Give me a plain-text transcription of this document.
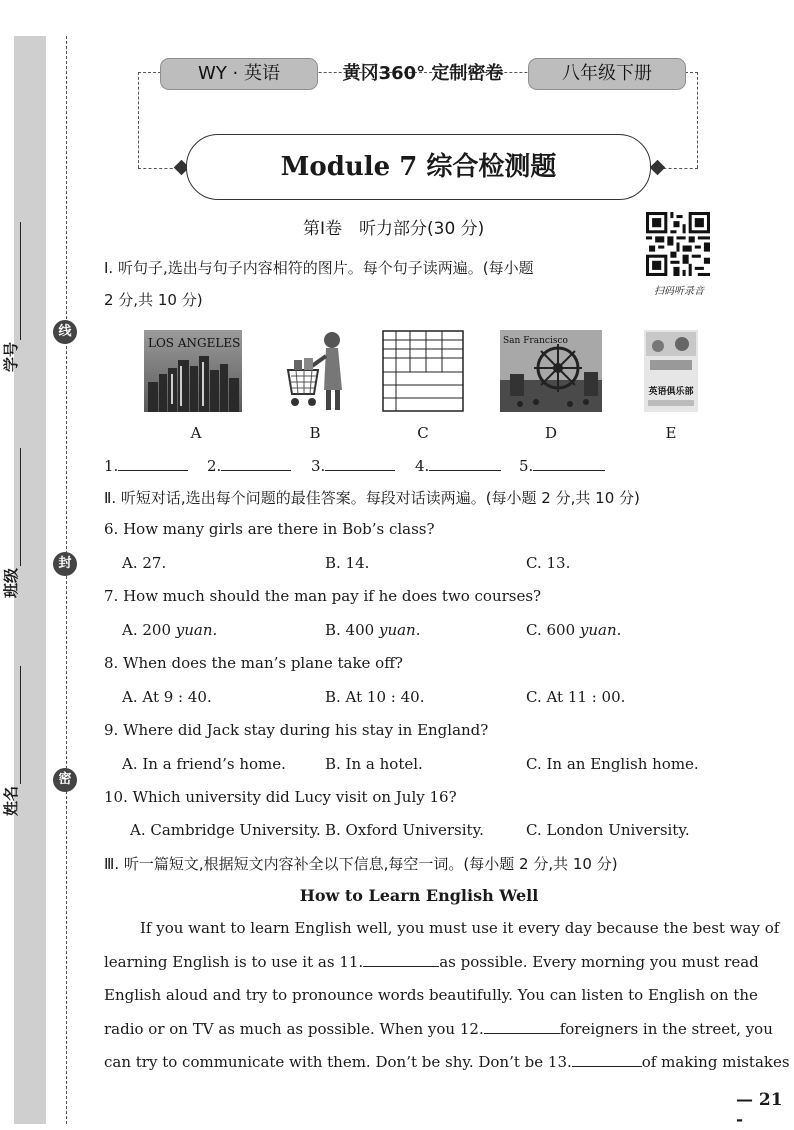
学号
班级
姓名
线
封
密
WY · 英语	黄冈360° 定制密卷	八年级下册
Module 7 综合检测题
第Ⅰ卷　听力部分(30 分)
扫码听录音
Ⅰ. 听句子,选出与句子内容相符的图片。每个句子读两遍。(每小题
2 分,共 10 分)
LOS ANGELES	San Francisco
英语俱乐部
A	B	C	D	E
1.	2.	3.	4.	5.
Ⅱ. 听短对话,选出每个问题的最佳答案。每段对话读两遍。(每小题 2 分,共 10 分)
6. How many girls are there in Bob’s class?
A. 27.	B. 14.	C. 13.
7. How much should the man pay if he does two courses?
A. 200 yuan.	B. 400 yuan.	C. 600 yuan.
8. When does the man’s plane take off?
A. At 9 : 40.	B. At 10 : 40.	C. At 11 : 00.
9. Where did Jack stay during his stay in England?
A. In a friend’s home.	B. In a hotel.	C. In an English home.
10. Which university did Lucy visit on July 16?
A. Cambridge University. B. Oxford University.	C. London University.
Ⅲ. 听一篇短文,根据短文内容补全以下信息,每空一词。(每小题 2 分,共 10 分)
How to Learn English Well
If you want to learn English well, you must use it every day because the best way of
learning English is to use it as 11.	as possible. Every morning you must read
English aloud and try to pronounce words beautifully. You can listen to English on the
radio or on TV as much as possible. When you 12.	foreigners in the street, you
can try to communicate with them. Don’t be shy. Don’t be 13.	of making mistakes
— 21 -
